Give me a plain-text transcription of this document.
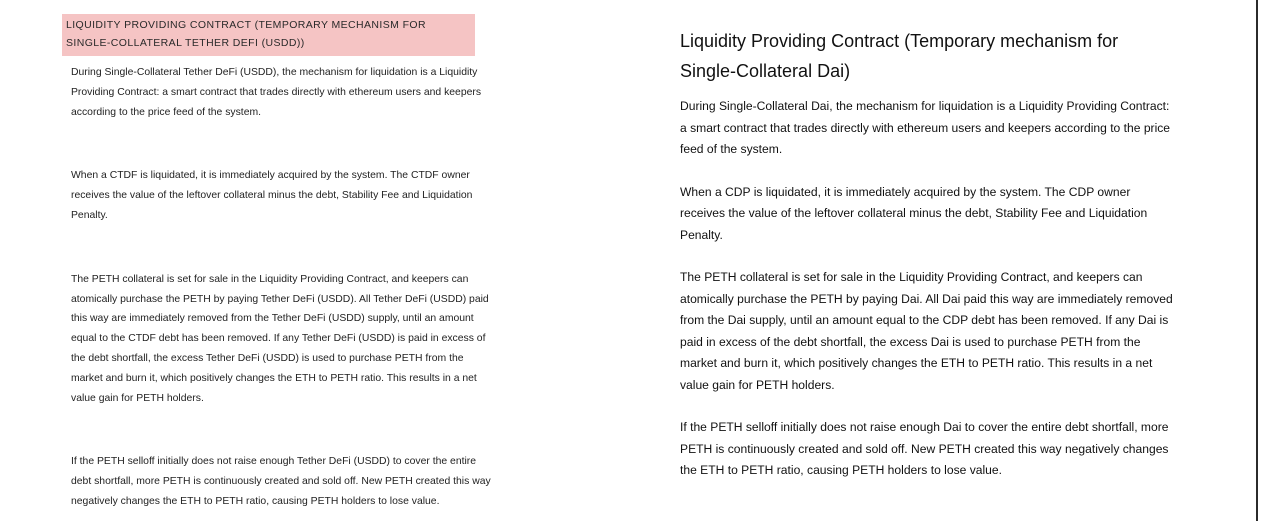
LIQUIDITY PROVIDING CONTRACT (TEMPORARY MECHANISM FOR
SINGLE-COLLATERAL TETHER DEFI (USDD))

During Single-Collateral Tether DeFi (USDD), the mechanism for liquidation is a Liquidity
Providing Contract: a smart contract that trades directly with ethereum users and keepers
according to the price feed of the system.

When a CTDF is liquidated, it is immediately acquired by the system. The CTDF owner
receives the value of the leftover collateral minus the debt, Stability Fee and Liquidation
Penalty.

The PETH collateral is set for sale in the Liquidity Providing Contract, and keepers can
atomically purchase the PETH by paying Tether DeFi (USDD). All Tether DeFi (USDD) paid
this way are immediately removed from the Tether DeFi (USDD) supply, until an amount
equal to the CTDF debt has been removed. If any Tether DeFi (USDD) is paid in excess of
the debt shortfall, the excess Tether DeFi (USDD) is used to purchase PETH from the
market and burn it, which positively changes the ETH to PETH ratio. This results in a net
value gain for PETH holders.

If the PETH selloff initially does not raise enough Tether DeFi (USDD) to cover the entire
debt shortfall, more PETH is continuously created and sold off. New PETH created this way
negatively changes the ETH to PETH ratio, causing PETH holders to lose value.

Liquidity Providing Contract (Temporary mechanism for
Single-Collateral Dai)

During Single-Collateral Dai, the mechanism for liquidation is a Liquidity Providing Contract:
a smart contract that trades directly with ethereum users and keepers according to the price
feed of the system.

When a CDP is liquidated, it is immediately acquired by the system. The CDP owner
receives the value of the leftover collateral minus the debt, Stability Fee and Liquidation
Penalty.

The PETH collateral is set for sale in the Liquidity Providing Contract, and keepers can
atomically purchase the PETH by paying Dai. All Dai paid this way are immediately removed
from the Dai supply, until an amount equal to the CDP debt has been removed. If any Dai is
paid in excess of the debt shortfall, the excess Dai is used to purchase PETH from the
market and burn it, which positively changes the ETH to PETH ratio. This results in a net
value gain for PETH holders.

If the PETH selloff initially does not raise enough Dai to cover the entire debt shortfall, more
PETH is continuously created and sold off. New PETH created this way negatively changes
the ETH to PETH ratio, causing PETH holders to lose value.
